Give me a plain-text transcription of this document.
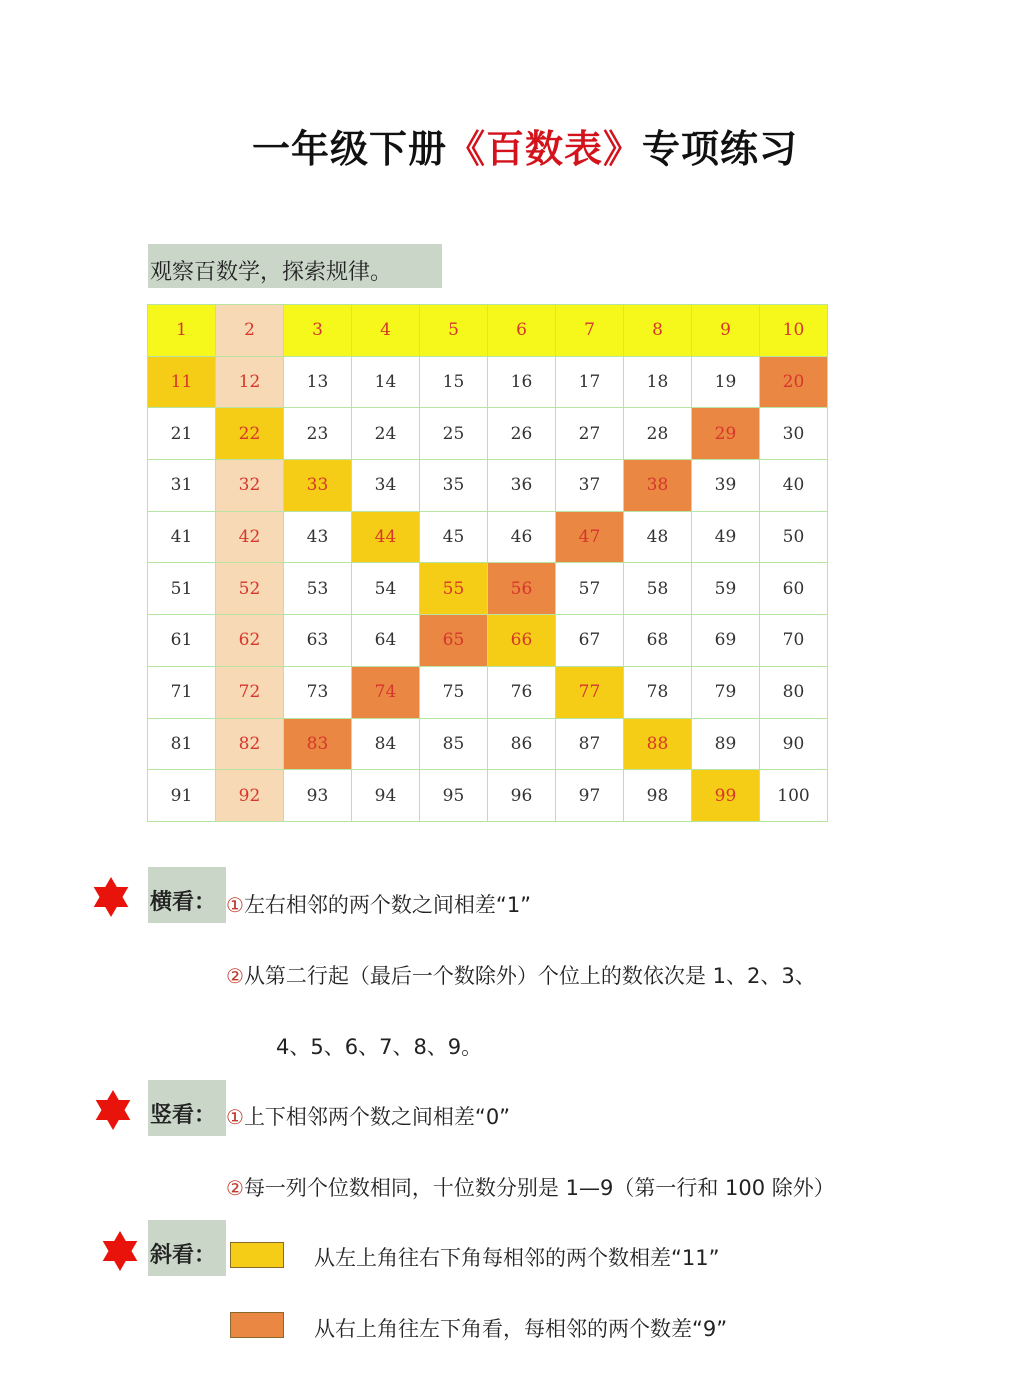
一年级下册《百数表》专项练习
观察百数学，探索规律。
1	2	3	4	5	6	7	8	9	10
11	12	13	14	15	16	17	18	19	20
21	22	23	24	25	26	27	28	29	30
31	32	33	34	35	36	37	38	39	40
41	42	43	44	45	46	47	48	49	50
51	52	53	54	55	56	57	58	59	60
61	62	63	64	65	66	67	68	69	70
71	72	73	74	75	76	77	78	79	80
81	82	83	84	85	86	87	88	89	90
91	92	93	94	95	96	97	98	99	100
横看： ①左右相邻的两个数之间相差“1”
②从第二行起（最后一个数除外）个位上的数依次是 1、2、3、
4、5、6、7、8、9。
竖看： ①上下相邻两个数之间相差“0”
②每一列个位数相同，十位数分别是 1—9（第一行和 100 除外）
斜看：	从左上角往右下角每相邻的两个数相差“11”
从右上角往左下角看，每相邻的两个数差“9”
